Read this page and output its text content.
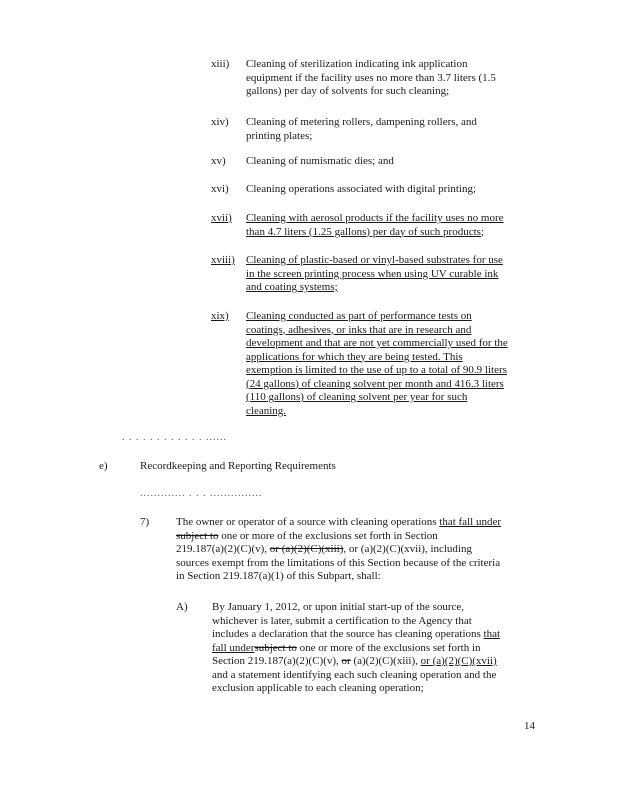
xiii) Cleaning of sterilization indicating ink application
equipment if the facility uses no more than 3.7 liters (1.5
gallons) per day of solvents for such cleaning;
xiv) Cleaning of metering rollers, dampening rollers, and
printing plates;
xv) Cleaning of numismatic dies; and
xvi) Cleaning operations associated with digital printing;
xvii) Cleaning with aerosol products if the facility uses no more
than 4.7 liters (1.25 gallons) per day of such products;
xviii) Cleaning of plastic-based or vinyl-based substrates for use
in the screen printing process when using UV curable ink
and coating systems;
xix) Cleaning conducted as part of performance tests on
coatings, adhesives, or inks that are in research and
development and that are not yet commercially used for the
applications for which they are being tested. This
exemption is limited to the use of up to a total of 90.9 liters
(24 gallons) of cleaning solvent per month and 416.3 liters
(110 gallons) of cleaning solvent per year for such
cleaning.
. . . . . . . . . . . . ......
e)	Recordkeeping and Reporting Requirements
............. . . . ...............
7) The owner or operator of a source with cleaning operations that fall under
subject to one or more of the exclusions set forth in Section
219.187(a)(2)(C)(v), or (a)(2)(C)(xiii), or (a)(2)(C)(xvii), including
sources exempt from the limitations of this Section because of the criteria
in Section 219.187(a)(1) of this Subpart, shall:
A) By January 1, 2012, or upon initial start-up of the source,
whichever is later, submit a certification to the Agency that
includes a declaration that the source has cleaning operations that
fall undersubject to one or more of the exclusions set forth in
Section 219.187(a)(2)(C)(v), or (a)(2)(C)(xiii), or (a)(2)(C)(xvii)
and a statement identifying each such cleaning operation and the
exclusion applicable to each cleaning operation;
14
